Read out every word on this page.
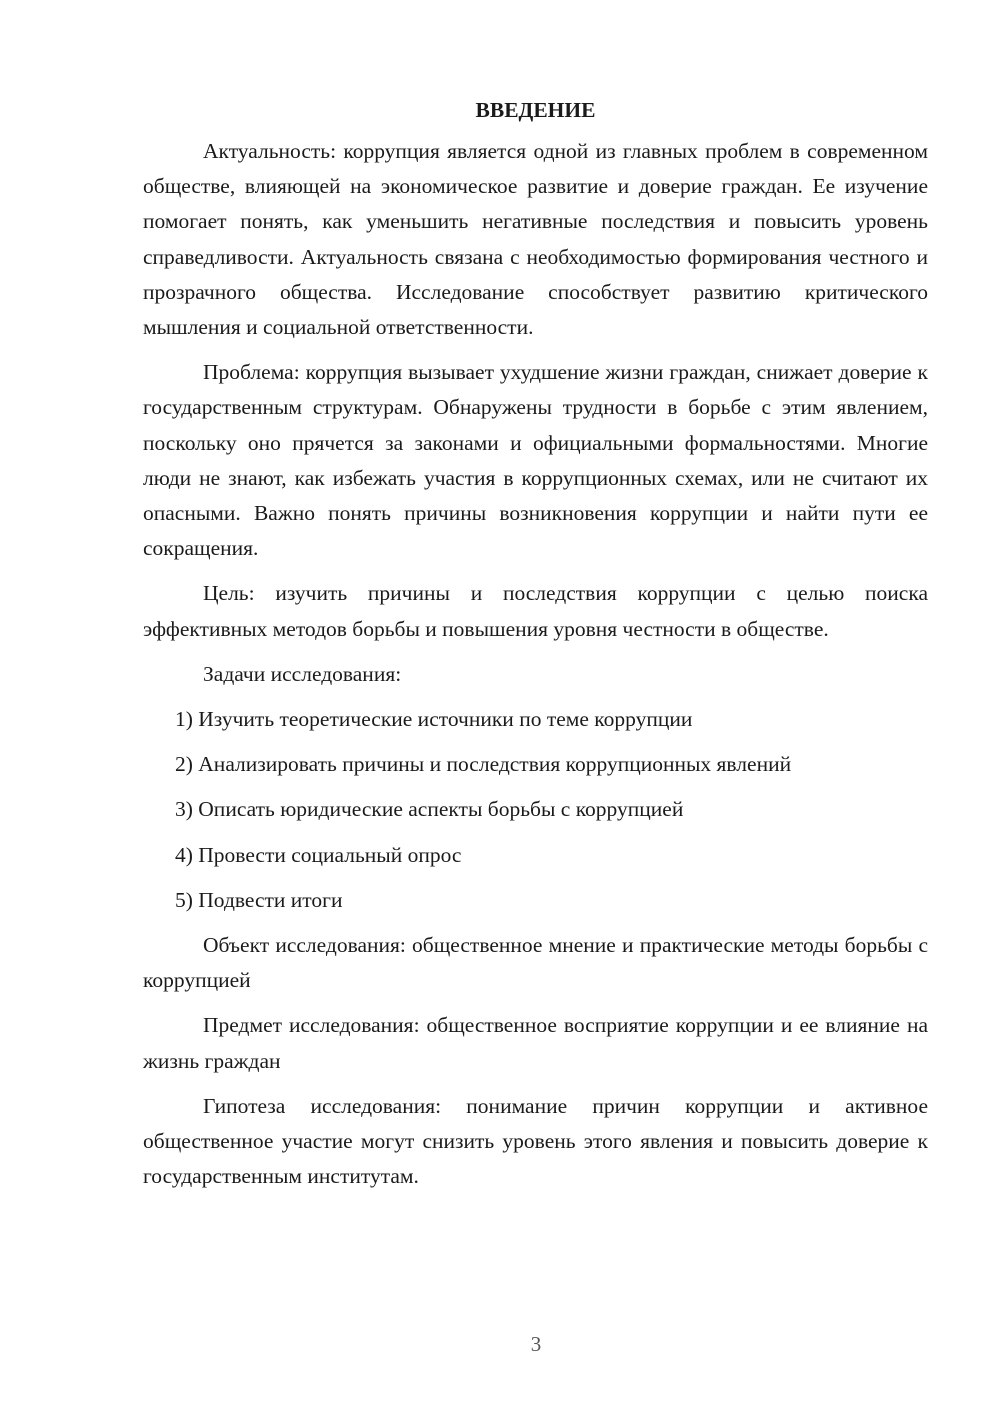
ВВЕДЕНИЕ

Актуальность: коррупция является одной из главных проблем в современном обществе, влияющей на экономическое развитие и доверие граждан. Ее изучение помогает понять, как уменьшить негативные последствия и повысить уровень справедливости. Актуальность связана с необходимостью формирования честного и прозрачного общества. Исследование способствует развитию критического мышления и социальной ответственности.

Проблема: коррупция вызывает ухудшение жизни граждан, снижает доверие к государственным структурам. Обнаружены трудности в борьбе с этим явлением, поскольку оно прячется за законами и официальными формальностями. Многие люди не знают, как избежать участия в коррупционных схемах, или не считают их опасными. Важно понять причины возникновения коррупции и найти пути ее сокращения.

Цель: изучить причины и последствия коррупции с целью поиска эффективных методов борьбы и повышения уровня честности в обществе.

Задачи исследования:

1) Изучить теоретические источники по теме коррупции
2) Анализировать причины и последствия коррупционных явлений
3) Описать юридические аспекты борьбы с коррупцией
4) Провести социальный опрос
5) Подвести итоги

Объект исследования: общественное мнение и практические методы борьбы с коррупцией

Предмет исследования: общественное восприятие коррупции и ее влияние на жизнь граждан

Гипотеза исследования: понимание причин коррупции и активное общественное участие могут снизить уровень этого явления и повысить доверие к государственным институтам.

3
